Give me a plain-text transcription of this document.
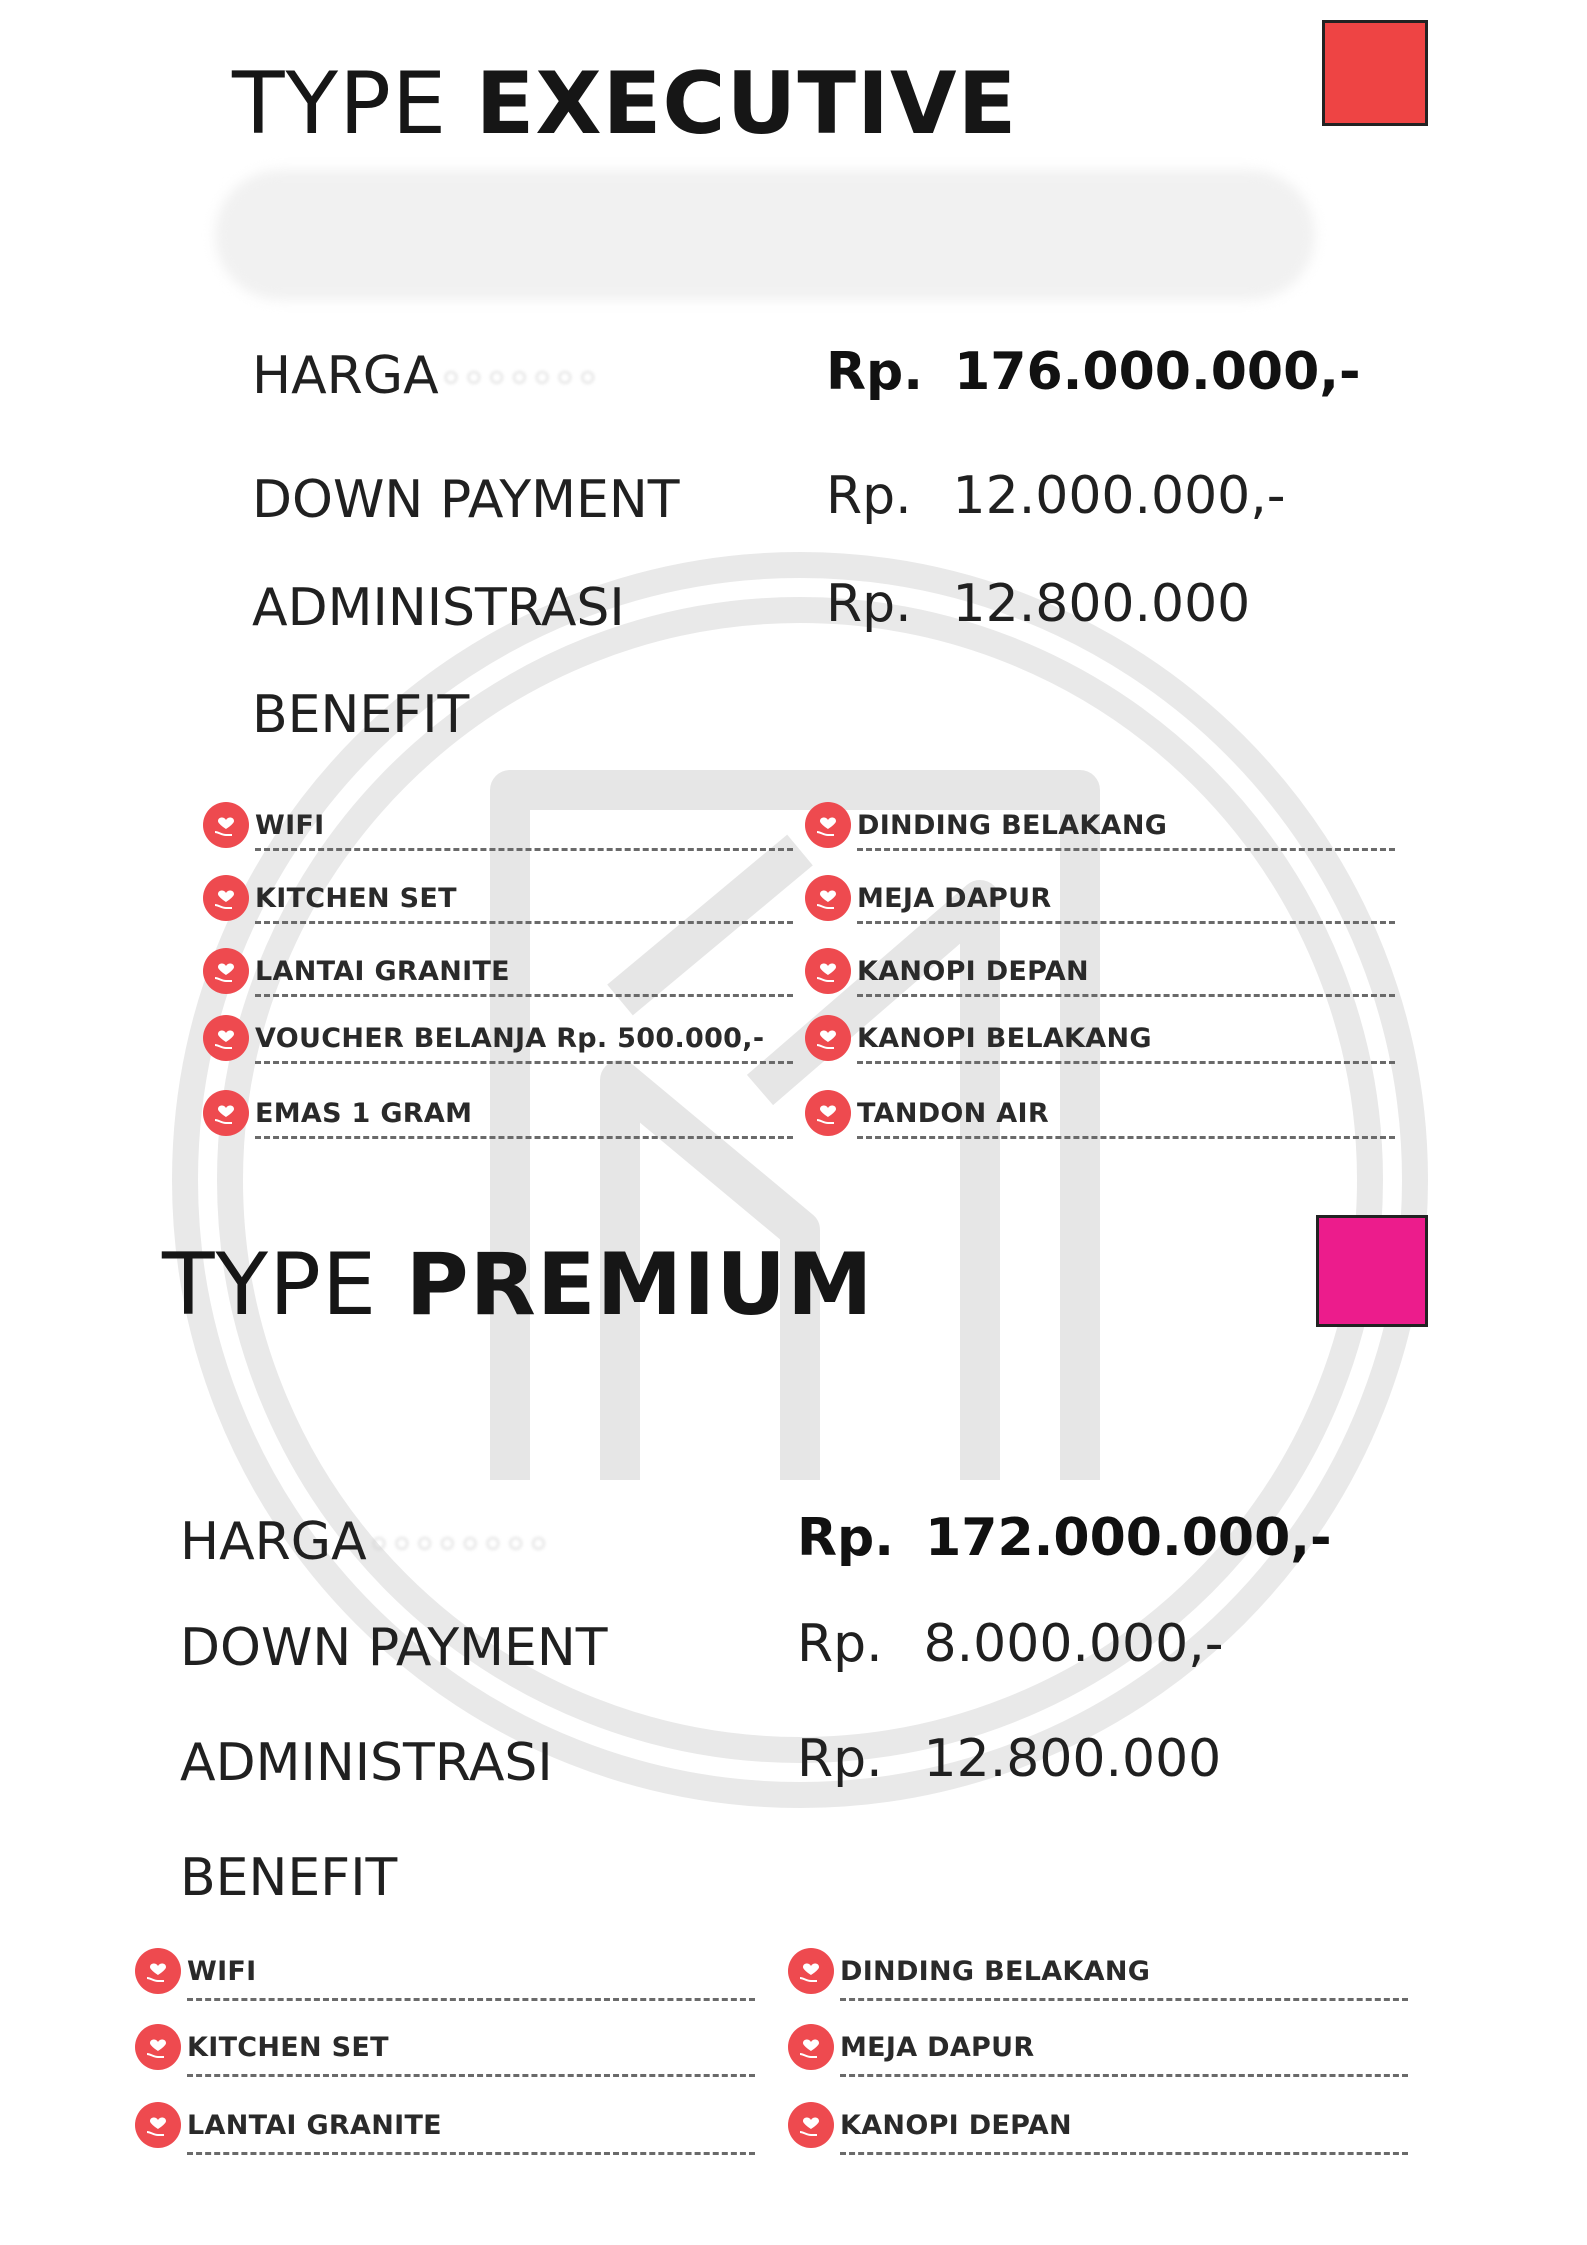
TYPE EXECUTIVE
HARGA◦◦◦◦◦◦◦	Rp. 176.000.000,-
DOWN PAYMENT	Rp. 12.000.000,-
ADMINISTRASI	Rp. 12.800.000
BENEFIT
WIFI
KITCHEN SET
LANTAI GRANITE
VOUCHER BELANJA Rp. 500.000,-
EMAS 1 GRAM
DINDING BELAKANG
MEJA DAPUR
KANOPI DEPAN
KANOPI BELAKANG
TANDON AIR
TYPE PREMIUM
HARGA◦◦◦◦◦◦◦◦	Rp. 172.000.000,-
DOWN PAYMENT	Rp. 8.000.000,-
ADMINISTRASI	Rp. 12.800.000
BENEFIT
WIFI
KITCHEN SET
LANTAI GRANITE
DINDING BELAKANG
MEJA DAPUR
KANOPI DEPAN
